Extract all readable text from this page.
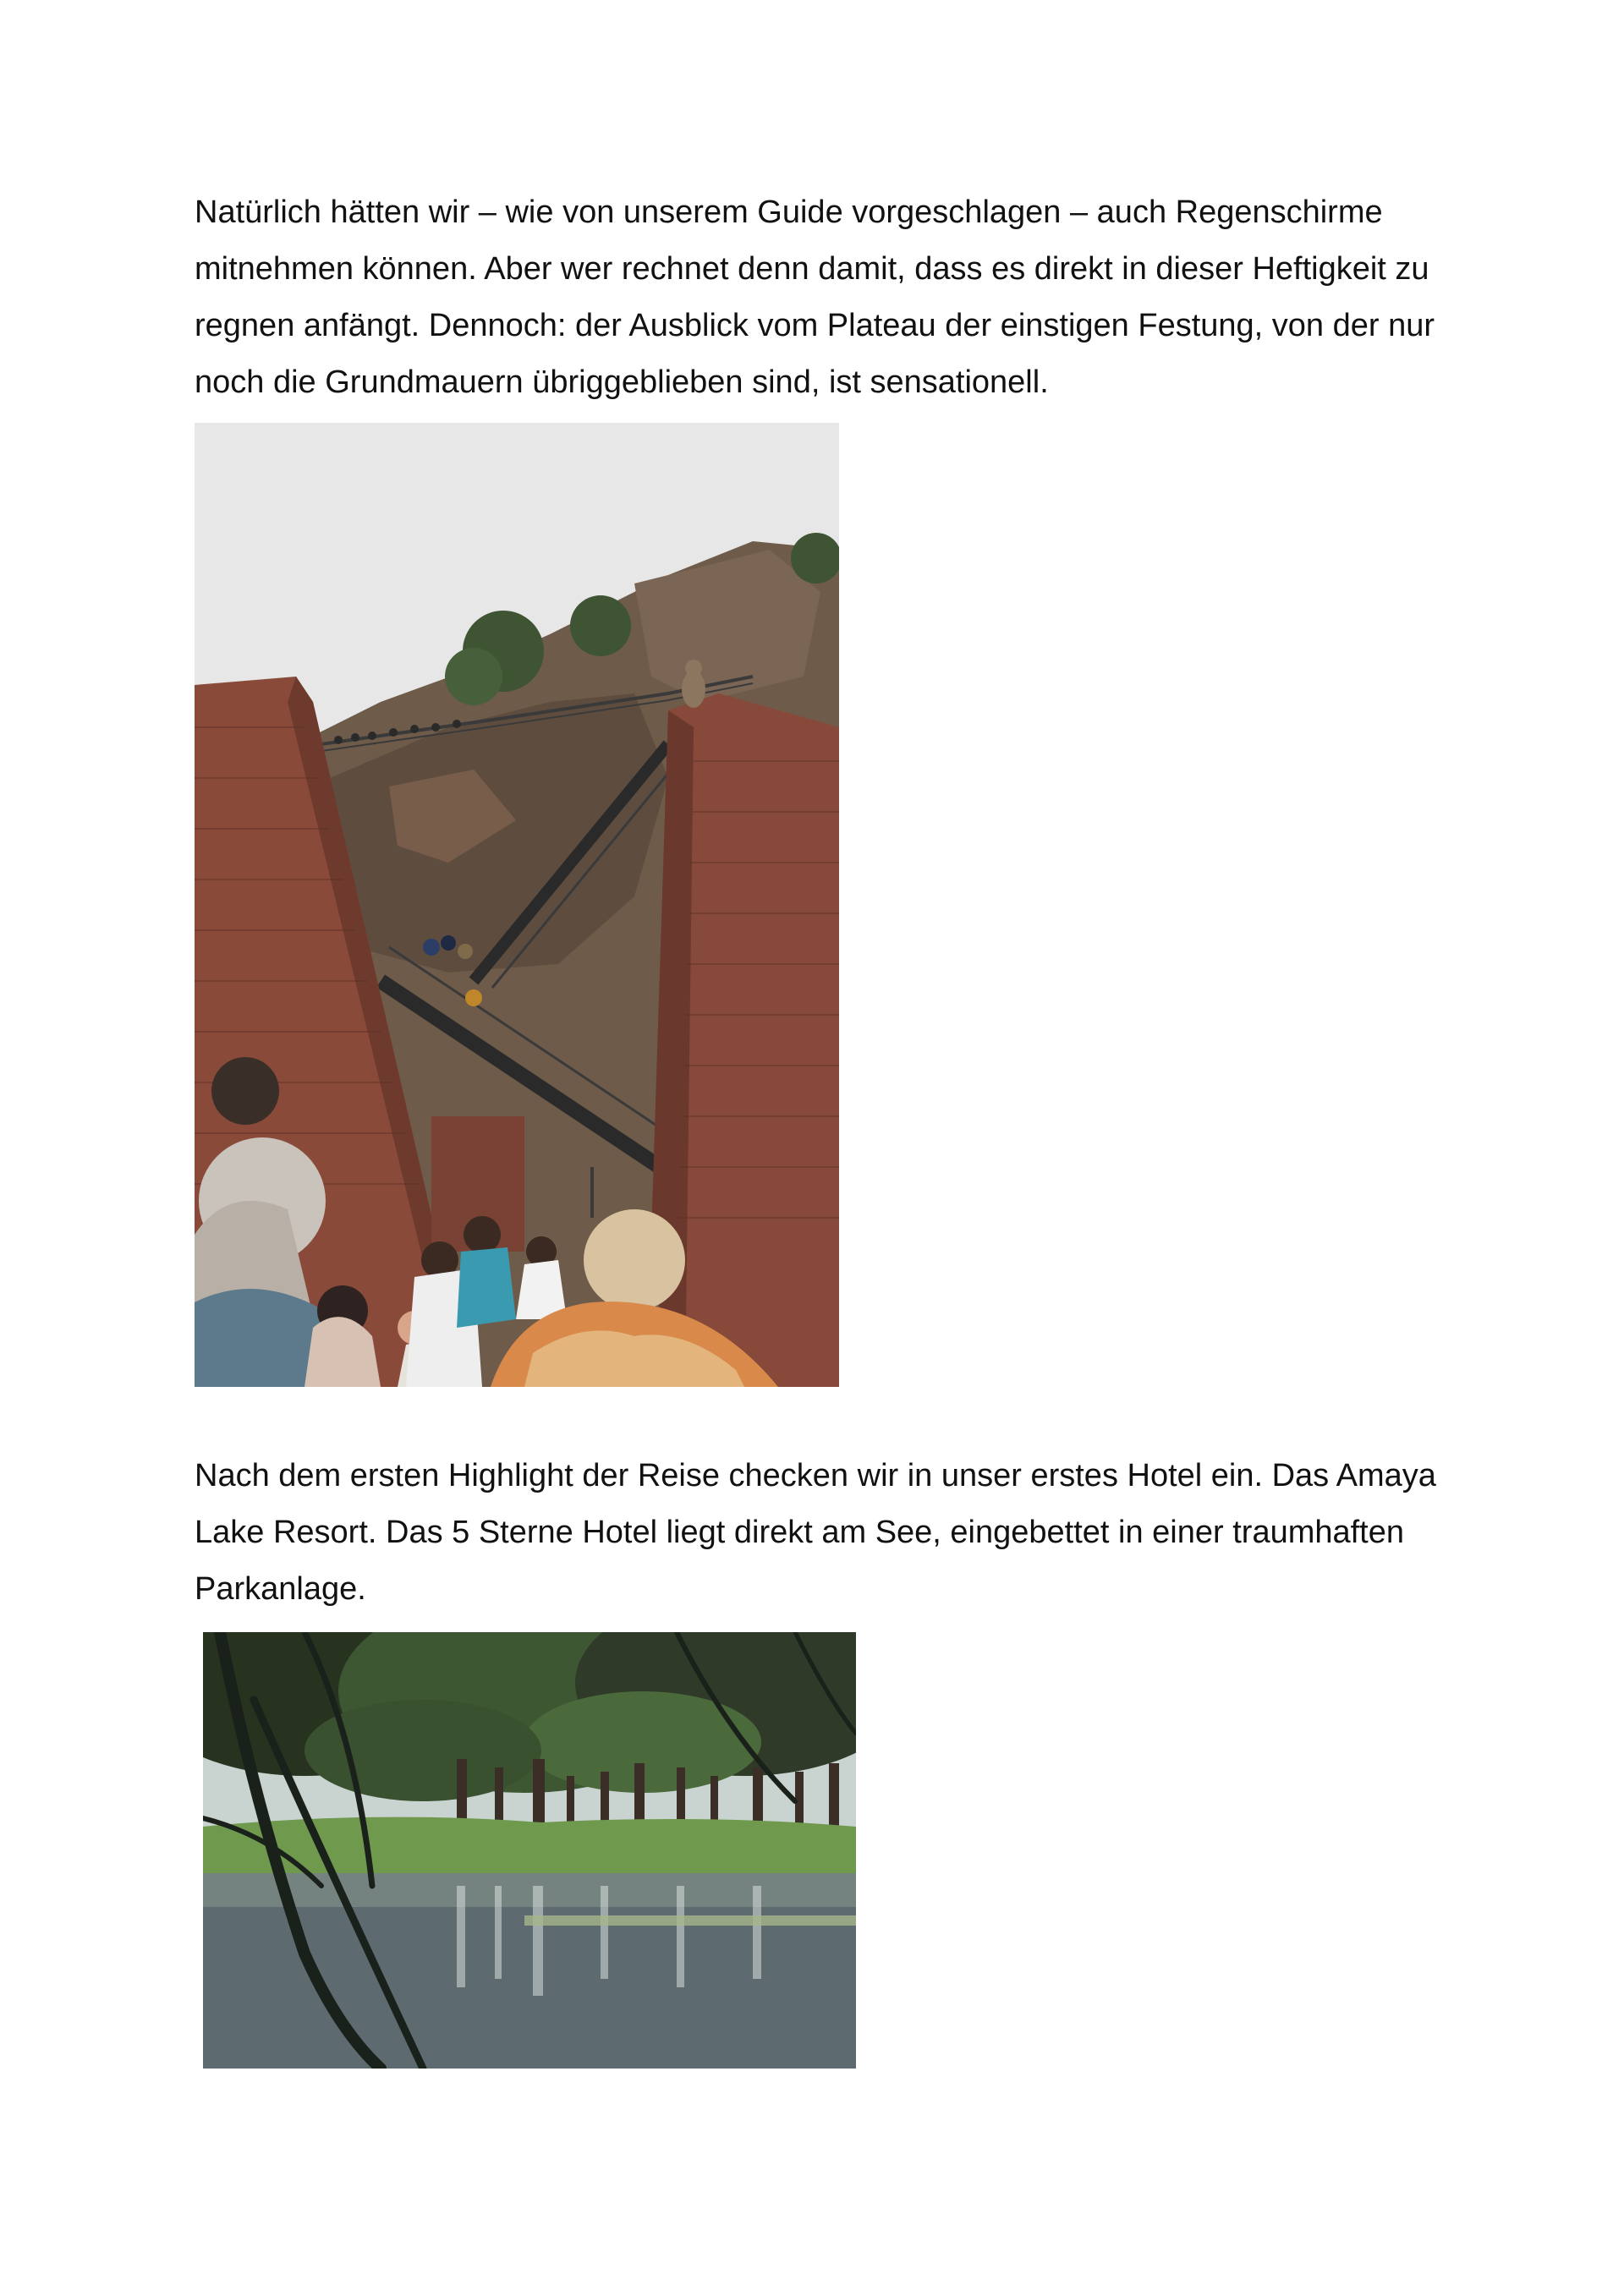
Natürlich hätten wir – wie von unserem Guide vorgeschlagen – auch Regenschirme mitnehmen können. Aber wer rechnet denn damit, dass es direkt in dieser Heftigkeit zu regnen anfängt. Dennoch: der Ausblick vom Plateau der einstigen Festung, von der nur noch die Grundmauern übriggeblieben sind, ist sensationell.

Nach dem ersten Highlight der Reise checken wir in unser erstes Hotel ein. Das Amaya Lake Resort. Das 5 Sterne Hotel liegt direkt am See, eingebettet in einer traumhaften Parkanlage.
